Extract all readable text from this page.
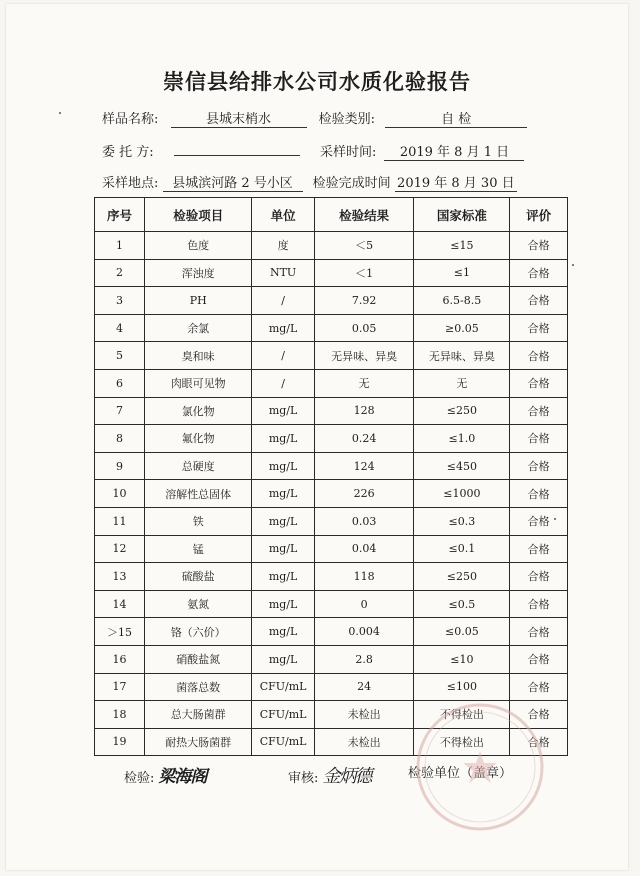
崇信县给排水公司水质化验报告
样品名称:	县城末梢水	检验类别:	自 检
委 托 方:	采样时间: 2019 年 8 月 1 日
采样地点: 县城滨河路 2 号小区 检验完成时间 2019 年 8 月 30 日
序号	检验项目	单位	检验结果	国家标准	评价
1	色度	度	＜5	≤15	合格
2	浑浊度	NTU	＜1	≤1	合格
3	PH	/	7.92	6.5-8.5	合格
4	余氯	mg/L	0.05	≥0.05	合格
5	臭和味	/	无异味、异臭	无异味、异臭	合格
6	肉眼可见物	/	无	无	合格
7	氯化物	mg/L	128	≤250	合格
8	氟化物	mg/L	0.24	≤1.0	合格
9	总硬度	mg/L	124	≤450	合格
10	溶解性总固体	mg/L	226	≤1000	合格
11	铁	mg/L	0.03	≤0.3	合格
12	锰	mg/L	0.04	≤0.1	合格
13	硫酸盐	mg/L	118	≤250	合格
14	氨氮	mg/L	0	≤0.5	合格
＞15	铬（六价）	mg/L	0.004	≤0.05	合格
16	硝酸盐氮	mg/L	2.8	≤10	合格
17	菌落总数	CFU/mL	24	≤100	合格
18	总大肠菌群	CFU/mL	未检出	不得检出	合格
19	耐热大肠菌群	CFU/mL	未检出	不得检出	合格
检验: 梁海阁	审核: 金炳德	检验单位（盖章）
